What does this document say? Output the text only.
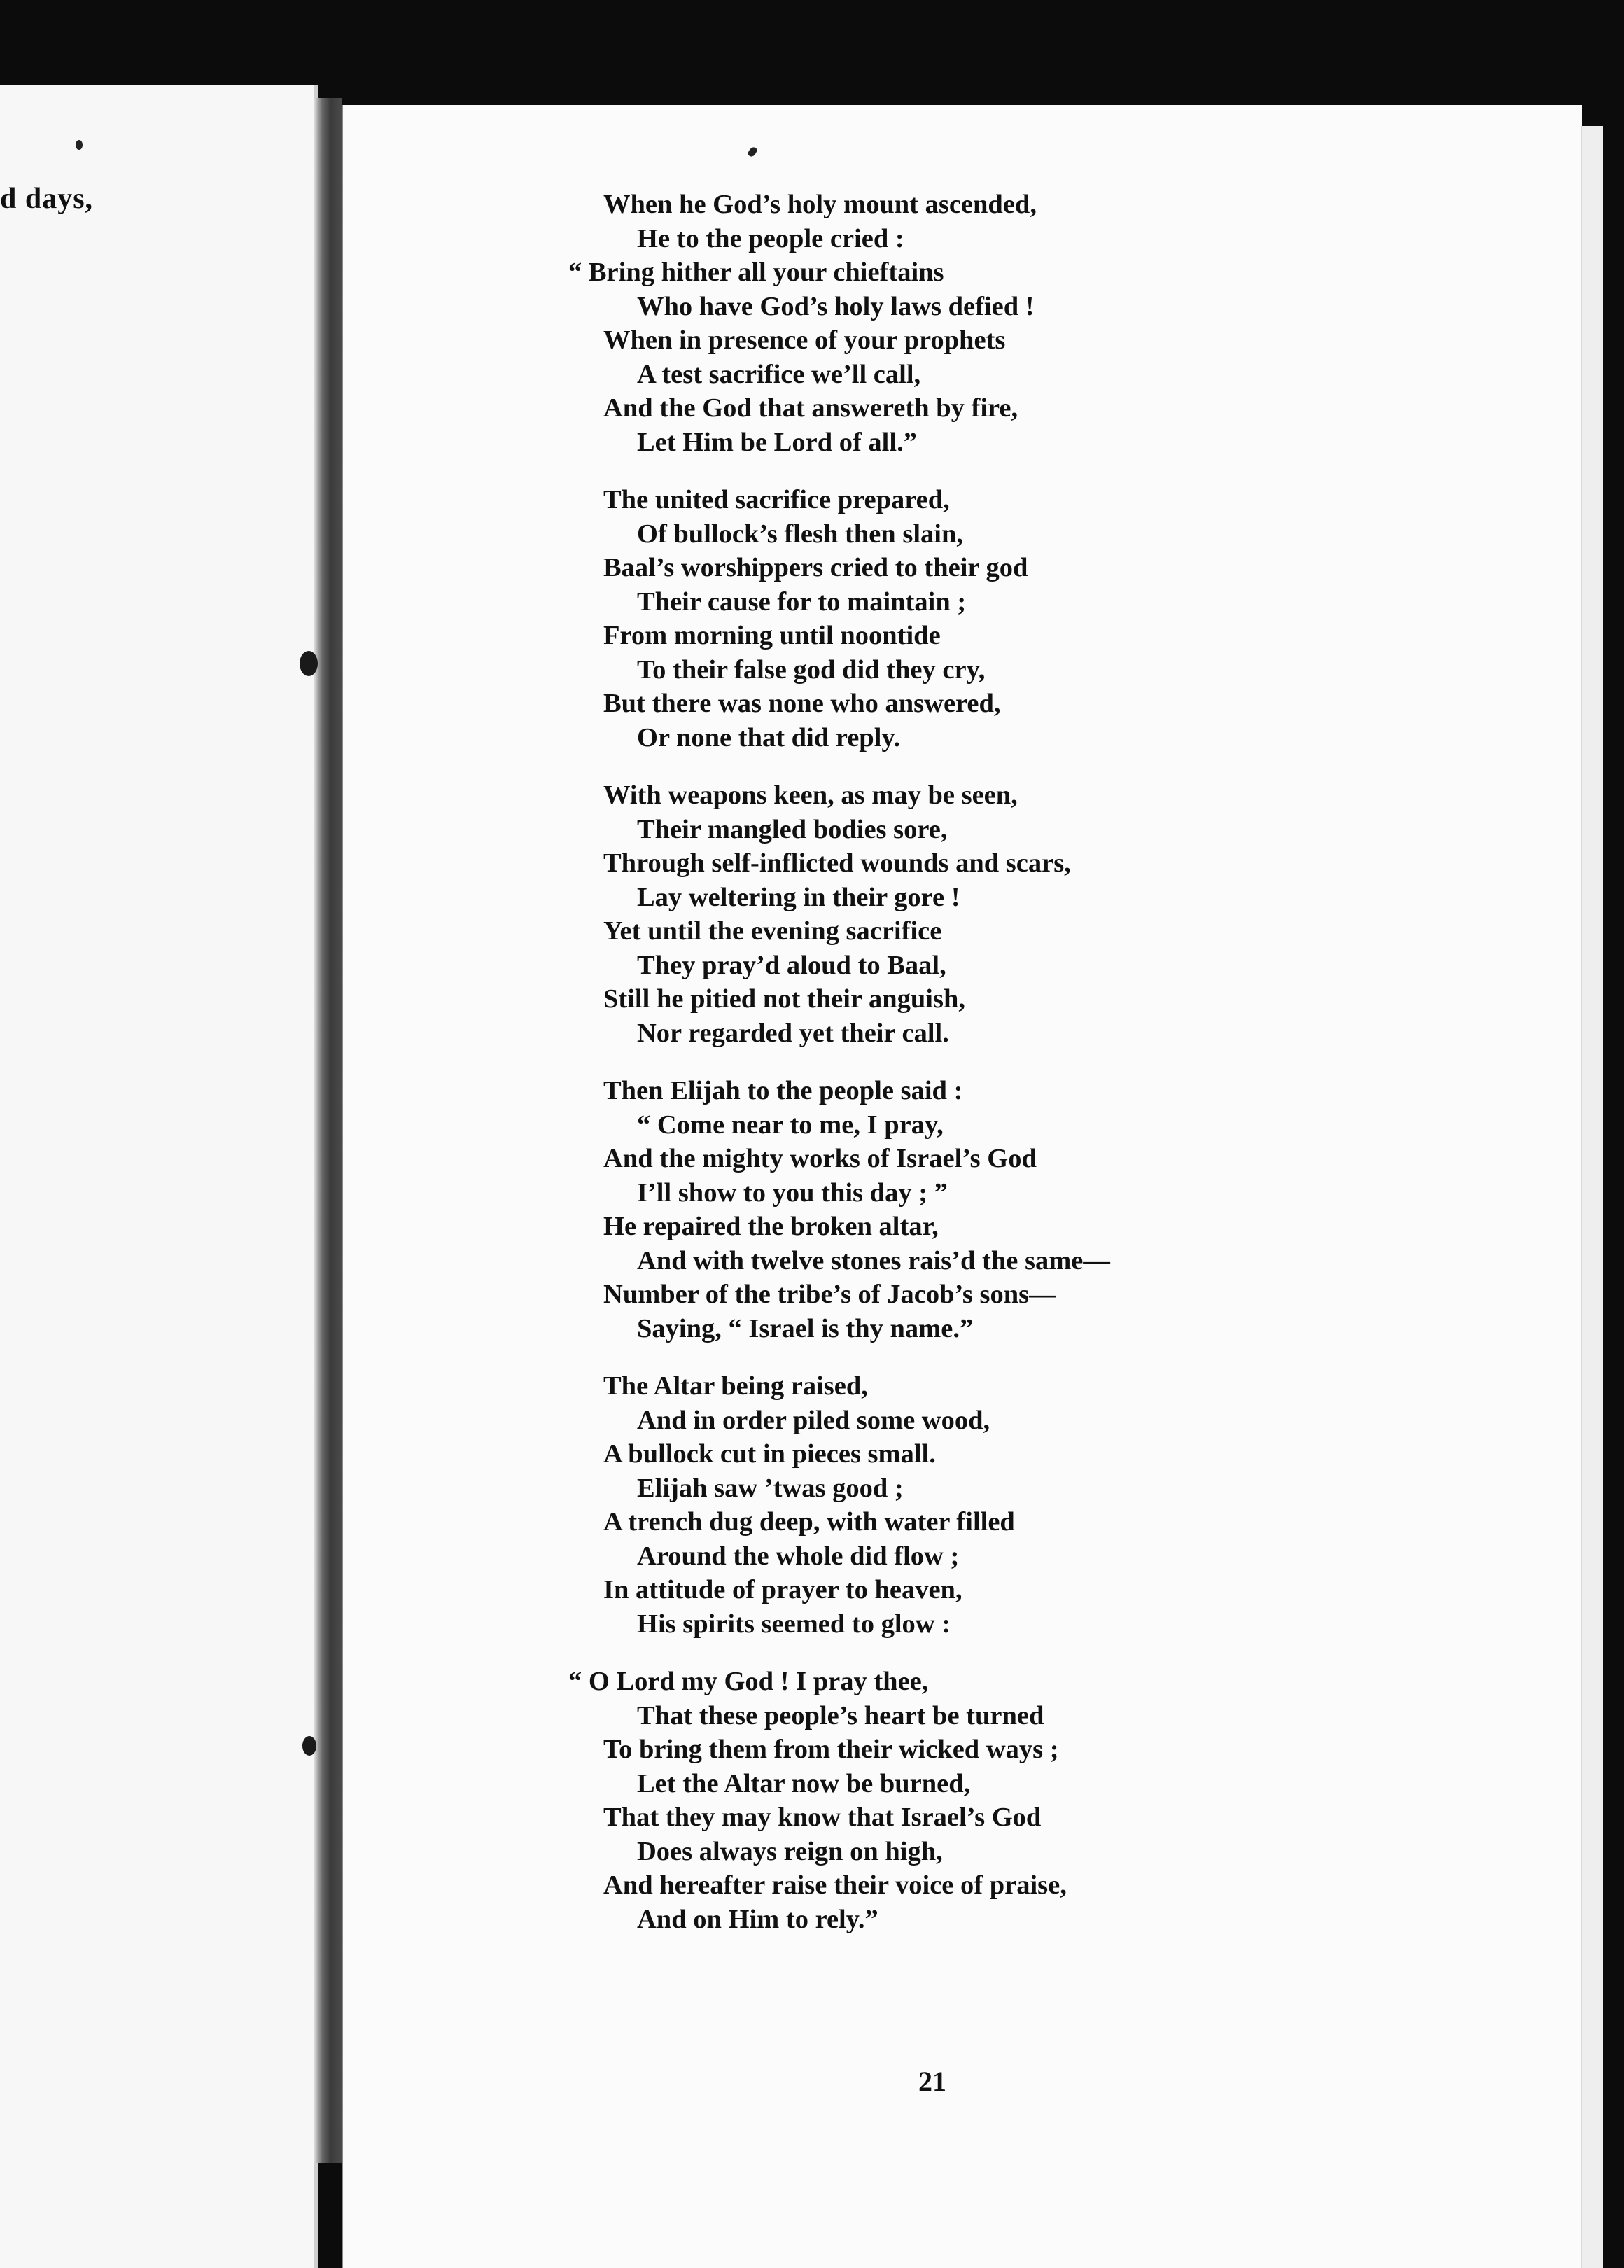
d days,	When he God’s holy mount ascended,
He to the people cried :
“ Bring hither all your chieftains
Who have God’s holy laws defied !
When in presence of your prophets
A test sacrifice we’ll call,
And the God that answereth by fire,
Let Him be Lord of all.”
The united sacrifice prepared,
Of bullock’s flesh then slain,
Baal’s worshippers cried to their god
Their cause for to maintain ;
From morning until noontide
To their false god did they cry,
But there was none who answered,
Or none that did reply.
With weapons keen, as may be seen,
Their mangled bodies sore,
Through self-inflicted wounds and scars,
Lay weltering in their gore !
Yet until the evening sacrifice
They pray’d aloud to Baal,
Still he pitied not their anguish,
Nor regarded yet their call.
Then Elijah to the people said :
“ Come near to me, I pray,
And the mighty works of Israel’s God
I’ll show to you this day ; ”
He repaired the broken altar,
And with twelve stones rais’d the same—
Number of the tribe’s of Jacob’s sons—
Saying, “ Israel is thy name.”
The Altar being raised,
And in order piled some wood,
A bullock cut in pieces small.
Elijah saw ’twas good ;
A trench dug deep, with water filled
Around the whole did flow ;
In attitude of prayer to heaven,
His spirits seemed to glow :
“ O Lord my God ! I pray thee,
That these people’s heart be turned
To bring them from their wicked ways ;
Let the Altar now be burned,
That they may know that Israel’s God
Does always reign on high,
And hereafter raise their voice of praise,
And on Him to rely.”
21
